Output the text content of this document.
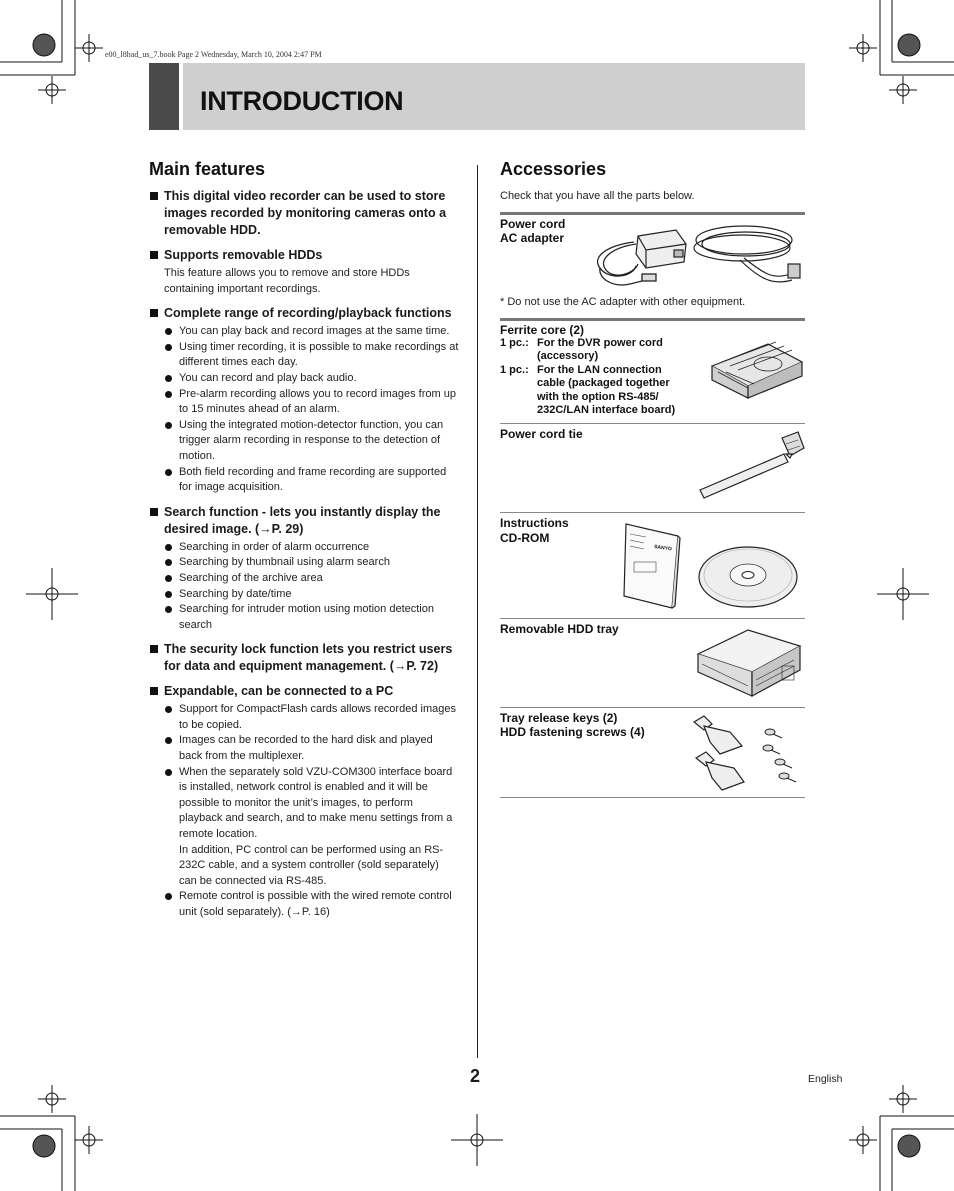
e00_l8had_us_7.book Page 2 Wednesday, March 10, 2004 2:47 PM
INTRODUCTION
Main features
This digital video recorder can be used to store images recorded by monitoring cameras onto a removable HDD.
Supports removable HDDs
This feature allows you to remove and store HDDs containing important recordings.
Complete range of recording/playback functions
You can play back and record images at the same time.
Using timer recording, it is possible to make recordings at different times each day.
You can record and play back audio.
Pre-alarm recording allows you to record images from up to 15 minutes ahead of an alarm.
Using the integrated motion-detector function, you can trigger alarm recording in response to the detection of motion.
Both field recording and frame recording are supported for image acquisition.
Search function - lets you instantly display the desired image. (→P. 29)
Searching in order of alarm occurrence
Searching by thumbnail using alarm search
Searching of the archive area
Searching by date/time
Searching for intruder motion using motion detection search
The security lock function lets you restrict users for data and equipment management. (→P. 72)
Expandable, can be connected to a PC
Support for CompactFlash cards allows recorded images to be copied.
Images can be recorded to the hard disk and played back from the multiplexer.
When the separately sold VZU-COM300 interface board is installed, network control is enabled and it will be possible to monitor the unit’s images, to perform playback and search, and to make menu settings from a remote location.
In addition, PC control can be performed using an RS-232C cable, and a system controller (sold separately) can be connected via RS-485.
Remote control is possible with the wired remote control unit (sold separately). (→P. 16)
Accessories
Check that you have all the parts below.
Power cord
AC adapter
* Do not use the AC adapter with other equipment.
Ferrite core (2)
1 pc.: For the DVR power cord (accessory)
1 pc.: For the LAN connection cable (packaged together with the option RS-485/ 232C/LAN interface board)
Power cord tie
Instructions
CD-ROM
SANYO
Removable HDD tray
Tray release keys (2)
HDD fastening screws (4)
2	English
